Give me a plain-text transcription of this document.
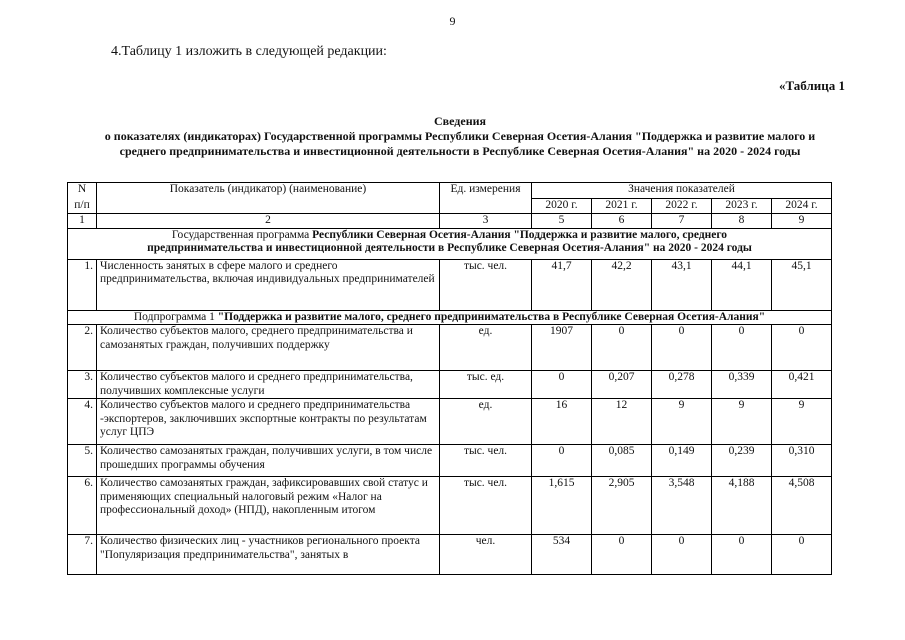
9
4.Таблицу 1 изложить в следующей редакции:
«Таблица 1
Сведения
о показателях (индикаторах) Государственной программы Республики Северная Осетия-Алания "Поддержка и развитие малого и
среднего предпринимательства и инвестиционной деятельности в Республике Северная Осетия-Алания" на 2020 - 2024 годы
N	Показатель (индикатор) (наименование)	Ед. измерения	Значения показателей				
п/п			2020 г.	2021 г.	2022 г.	2023 г.	2024 г.
1	2	3	5	6	7	8	9
Государственная программа Республики Северная Осетия-Алания "Поддержка и развитие малого, среднего
предпринимательства и инвестиционной деятельности в Республике Северная Осетия-Алания" на 2020 - 2024 годы							
1.	Численность занятых в сфере малого и среднего предпринимательства, включая индивидуальных предпринимателей	тыс. чел.	41,7	42,2	43,1	44,1	45,1
Подпрограмма 1 "Поддержка и развитие малого, среднего предпринимательства в Республике Северная Осетия-Алания"							
2.	Количество субъектов малого, среднего предпринимательства и самозанятых граждан, получивших поддержку	ед.	1907	0	0	0	0
3.	Количество субъектов малого и среднего предпринимательства, получивших комплексные услуги	тыс. ед.	0	0,207	0,278	0,339	0,421
4.	Количество субъектов малого и среднего предпринимательства -экспортеров, заключивших экспортные контракты по результатам услуг ЦПЭ	ед.	16	12	9	9	9
5.	Количество самозанятых граждан, получивших услуги, в том числе прошедших программы обучения	тыс. чел.	0	0,085	0,149	0,239	0,310
6.	Количество самозанятых граждан, зафиксировавших свой статус и применяющих специальный налоговый режим «Налог на профессиональный доход» (НПД), накопленным итогом	тыс. чел.	1,615	2,905	3,548	4,188	4,508
7.	Количество физических лиц - участников регионального проекта "Популяризация предпринимательства", занятых в	чел.	534	0	0	0	0
